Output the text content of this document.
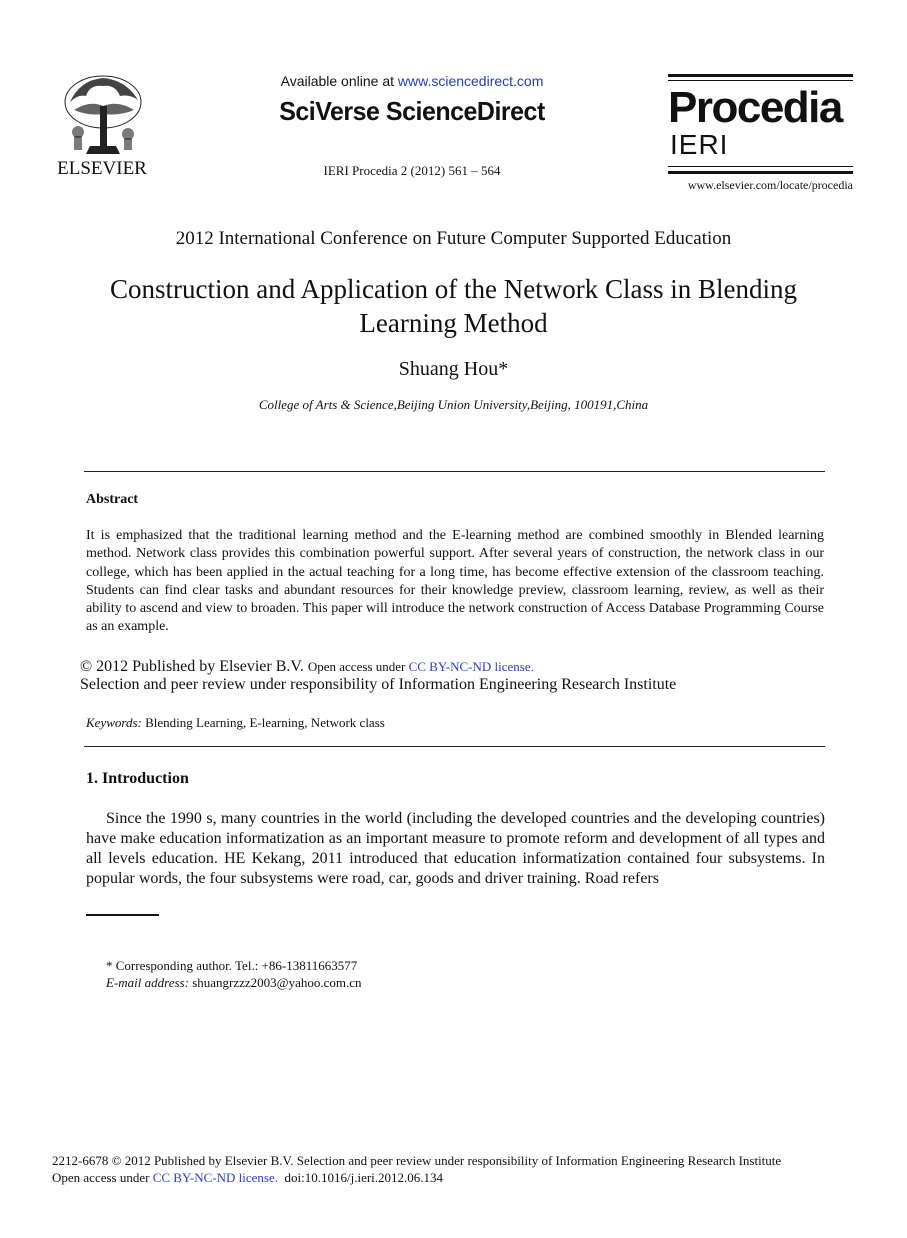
ELSEVIER
Available online at www.sciencedirect.com
SciVerse ScienceDirect
IERI Procedia 2 (2012) 561 – 564
Procedia
IERI
www.elsevier.com/locate/procedia
2012 International Conference on Future Computer Supported Education
Construction and Application of the Network Class in Blending
Learning Method
Shuang Hou*
College of Arts & Science,Beijing Union University,Beijing, 100191,China
Abstract
It is emphasized that the traditional learning method and the E-learning method are combined smoothly in Blended learning method. Network class provides this combination powerful support. After several years of construction, the network class in our college, which has been applied in the actual teaching for a long time, has become effective extension of the classroom teaching. Students can find clear tasks and abundant resources for their knowledge preview, classroom learning, review, as well as their ability to ascend and view to broaden. This paper will introduce the network construction of Access Database Programming Course as an example.
© 2012 Published by Elsevier B.V. Open access under CC BY-NC-ND license.
Selection and peer review under responsibility of Information Engineering Research Institute
Keywords: Blending Learning, E-learning, Network class
1. Introduction
Since the 1990 s, many countries in the world (including the developed countries and the developing countries) have make education informatization as an important measure to promote reform and development of all types and all levels education. HE Kekang, 2011 introduced that education informatization contained four subsystems. In popular words, the four subsystems were road, car, goods and driver training. Road refers
* Corresponding author. Tel.: +86-13811663577
E-mail address: shuangrzzz2003@yahoo.com.cn
2212-6678 © 2012 Published by Elsevier B.V. Selection and peer review under responsibility of Information Engineering Research Institute
Open access under CC BY-NC-ND license.  doi:10.1016/j.ieri.2012.06.134
